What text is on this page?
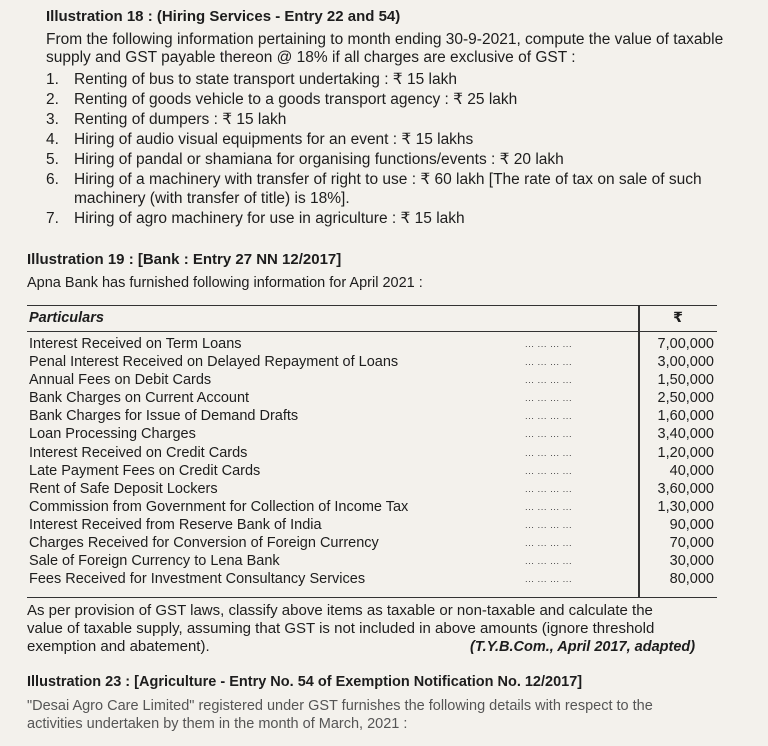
Illustration 18 : (Hiring Services - Entry 22 and 54)
From the following information pertaining to month ending 30-9-2021, compute the value of taxable
supply and GST payable thereon @ 18% if all charges are exclusive of GST :
1. Renting of bus to state transport undertaking : ₹ 15 lakh
2. Renting of goods vehicle to a goods transport agency : ₹ 25 lakh
3. Renting of dumpers : ₹ 15 lakh
4. Hiring of audio visual equipments for an event : ₹ 15 lakhs
5. Hiring of pandal or shamiana for organising functions/events : ₹ 20 lakh
6. Hiring of a machinery with transfer of right to use : ₹ 60 lakh [The rate of tax on sale of such machinery (with transfer of title) is 18%].
7. Hiring of agro machinery for use in agriculture : ₹ 15 lakh
Illustration 19 : [Bank : Entry 27 NN 12/2017]
Apna Bank has furnished following information for April 2021 :
Particulars	₹
Interest Received on Term Loans	... ... ... ...	7,00,000
Penal Interest Received on Delayed Repayment of Loans	... ... ... ...	3,00,000
Annual Fees on Debit Cards	... ... ... ...	1,50,000
Bank Charges on Current Account	... ... ... ...	2,50,000
Bank Charges for Issue of Demand Drafts	... ... ... ...	1,60,000
Loan Processing Charges	... ... ... ...	3,40,000
Interest Received on Credit Cards	... ... ... ...	1,20,000
Late Payment Fees on Credit Cards	... ... ... ...	40,000
Rent of Safe Deposit Lockers	... ... ... ...	3,60,000
Commission from Government for Collection of Income Tax	... ... ... ...	1,30,000
Interest Received from Reserve Bank of India	... ... ... ...	90,000
Charges Received for Conversion of Foreign Currency	... ... ... ...	70,000
Sale of Foreign Currency to Lena Bank	... ... ... ...	30,000
Fees Received for Investment Consultancy Services	... ... ... ...	80,000
As per provision of GST laws, classify above items as taxable or non-taxable and calculate the
value of taxable supply, assuming that GST is not included in above amounts (ignore threshold
exemption and abatement).	(T.Y.B.Com., April 2017, adapted)
Illustration 23 : [Agriculture - Entry No. 54 of Exemption Notification No. 12/2017]
"Desai Agro Care Limited" registered under GST furnishes the following details with respect to the
activities undertaken by them in the month of March, 2021 :
